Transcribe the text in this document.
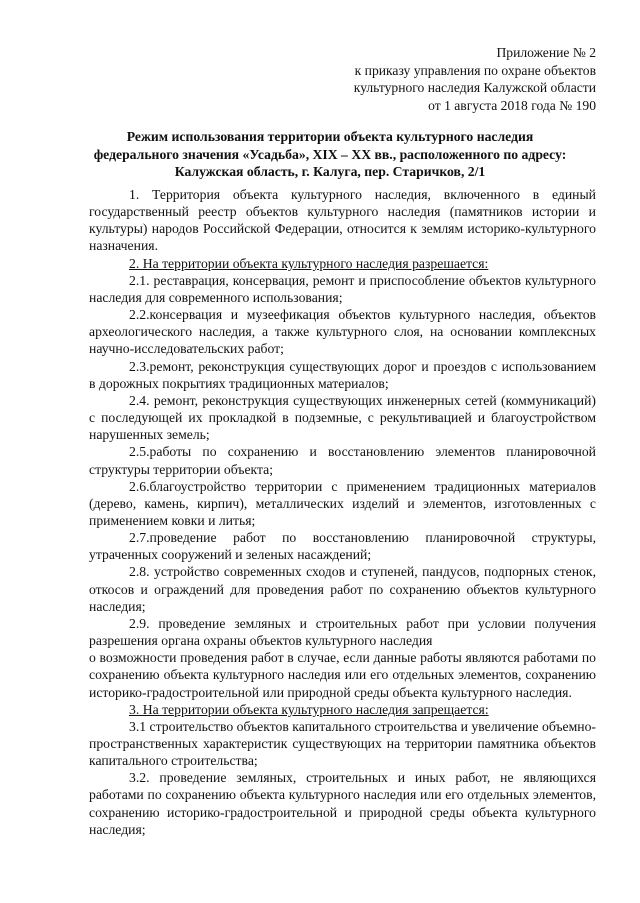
Приложение № 2
к приказу управления по охране объектов
культурного наследия Калужской области
от 1 августа 2018 года № 190
Режим использования территории объекта культурного наследия
федерального значения «Усадьба», XIX – XX вв., расположенного по адресу:
Калужская область, г. Калуга, пер. Старичков, 2/1

1. Территория объекта культурного наследия, включенного в единый государственный реестр объектов культурного наследия (памятников истории и культуры) народов Российской Федерации, относится к землям историко-культурного назначения.

2. На территории объекта культурного наследия разрешается:

2.1. реставрация, консервация, ремонт и приспособление объектов культурного наследия для современного использования;

2.2.консервация и музеефикация объектов культурного наследия, объектов археологического наследия, а также культурного слоя, на основании комплексных научно-исследовательских работ;

2.3.ремонт, реконструкция существующих дорог и проездов с использованием в дорожных покрытиях традиционных материалов;

2.4. ремонт, реконструкция существующих инженерных сетей (коммуникаций) с последующей их прокладкой в подземные, с рекультивацией и благоустройством нарушенных земель;

2.5.работы по сохранению и восстановлению элементов планировочной структуры территории объекта;

2.6.благоустройство территории с применением традиционных материалов (дерево, камень, кирпич), металлических изделий и элементов, изготовленных с применением ковки и литья;

2.7.проведение работ по восстановлению планировочной структуры, утраченных сооружений и зеленых насаждений;

2.8. устройство современных сходов и ступеней, пандусов, подпорных стенок, откосов и ограждений для проведения работ по сохранению объектов культурного наследия;

2.9. проведение земляных и строительных работ при условии получения разрешения органа охраны объектов культурного наследия

о возможности проведения работ в случае, если данные работы являются работами по сохранению объекта культурного наследия или его отдельных элементов, сохранению историко-градостроительной или природной среды объекта культурного наследия.

3. На территории объекта культурного наследия запрещается:

3.1 строительство объектов капитального строительства и увеличение объемно-пространственных характеристик существующих на территории памятника объектов капитального строительства;

3.2. проведение земляных, строительных и иных работ, не являющихся работами по сохранению объекта культурного наследия или его отдельных элементов, сохранению историко-градостроительной и природной среды объекта культурного наследия;
